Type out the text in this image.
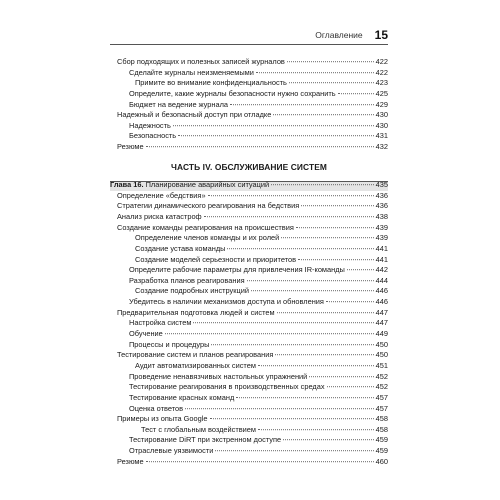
Оглавление 15
Сбор подходящих и полезных записей журналов	422
Сделайте журналы неизменяемыми	422
Примите во внимание конфиденциальность	423
Определите, какие журналы безопасности нужно сохранить	425
Бюджет на ведение журнала	429
Надежный и безопасный доступ при отладке	430
Надежность	430
Безопасность	431
Резюме	432
ЧАСТЬ IV. ОБСЛУЖИВАНИЕ СИСТЕМ
Глава 16. Планирование аварийных ситуаций	435
Определение «бедствия»	436
Стратегии динамического реагирования на бедствия	436
Анализ риска катастроф	438
Создание команды реагирования на происшествия	439
Определение членов команды и их ролей	439
Создание устава команды	441
Создание моделей серьезности и приоритетов	441
Определите рабочие параметры для привлечения IR-команды	442
Разработка планов реагирования	444
Создание подробных инструкций	446
Убедитесь в наличии механизмов доступа и обновления	446
Предварительная подготовка людей и систем	447
Настройка систем	447
Обучение	449
Процессы и процедуры	450
Тестирование систем и планов реагирования	450
Аудит автоматизированных систем	451
Проведение ненавязчивых настольных упражнений	452
Тестирование реагирования в производственных средах	452
Тестирование красных команд	457
Оценка ответов	457
Примеры из опыта Google	458
Тест с глобальным воздействием	458
Тестирование DiRT при экстренном доступе	459
Отраслевые уязвимости	459
Резюме	460
